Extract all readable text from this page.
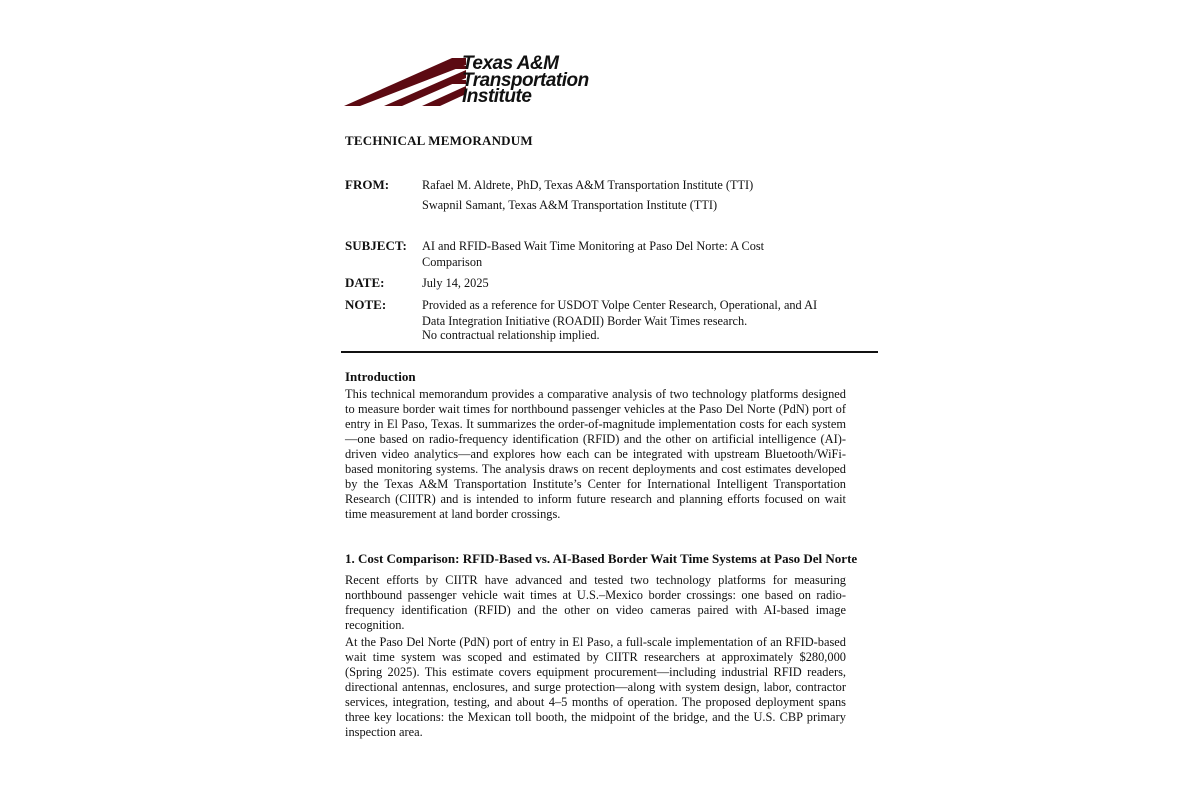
Texas A&M
Transportation
Institute
TECHNICAL MEMORANDUM
FROM:	Rafael M. Aldrete, PhD, Texas A&M Transportation Institute (TTI)
Swapnil Samant, Texas A&M Transportation Institute (TTI)
SUBJECT: AI and RFID-Based Wait Time Monitoring at Paso Del Norte: A Cost Comparison
DATE:	July 14, 2025
NOTE:	Provided as a reference for USDOT Volpe Center Research, Operational, and AI Data Integration Initiative (ROADII) Border Wait Times research.
No contractual relationship implied.
Introduction

This technical memorandum provides a comparative analysis of two technology platforms designed to measure border wait times for northbound passenger vehicles at the Paso Del Norte (PdN) port of entry in El Paso, Texas. It summarizes the order-of-magnitude implementation costs for each system—one based on radio-frequency identification (RFID) and the other on artificial intelligence (AI)-driven video analytics—and explores how each can be integrated with upstream Bluetooth/WiFi-based monitoring systems. The analysis draws on recent deployments and cost estimates developed by the Texas A&M Transportation Institute’s Center for International Intelligent Transportation Research (CIITR) and is intended to inform future research and planning efforts focused on wait time measurement at land border crossings.

1. Cost Comparison: RFID-Based vs. AI-Based Border Wait Time Systems at Paso Del Norte

Recent efforts by CIITR have advanced and tested two technology platforms for measuring northbound passenger vehicle wait times at U.S.–Mexico border crossings: one based on radio-frequency identification (RFID) and the other on video cameras paired with AI-based image recognition.

At the Paso Del Norte (PdN) port of entry in El Paso, a full-scale implementation of an RFID-based wait time system was scoped and estimated by CIITR researchers at approximately $280,000 (Spring 2025). This estimate covers equipment procurement—including industrial RFID readers, directional antennas, enclosures, and surge protection—along with system design, labor, contractor services, integration, testing, and about 4–5 months of operation. The proposed deployment spans three key locations: the Mexican toll booth, the midpoint of the bridge, and the U.S. CBP primary inspection area.
